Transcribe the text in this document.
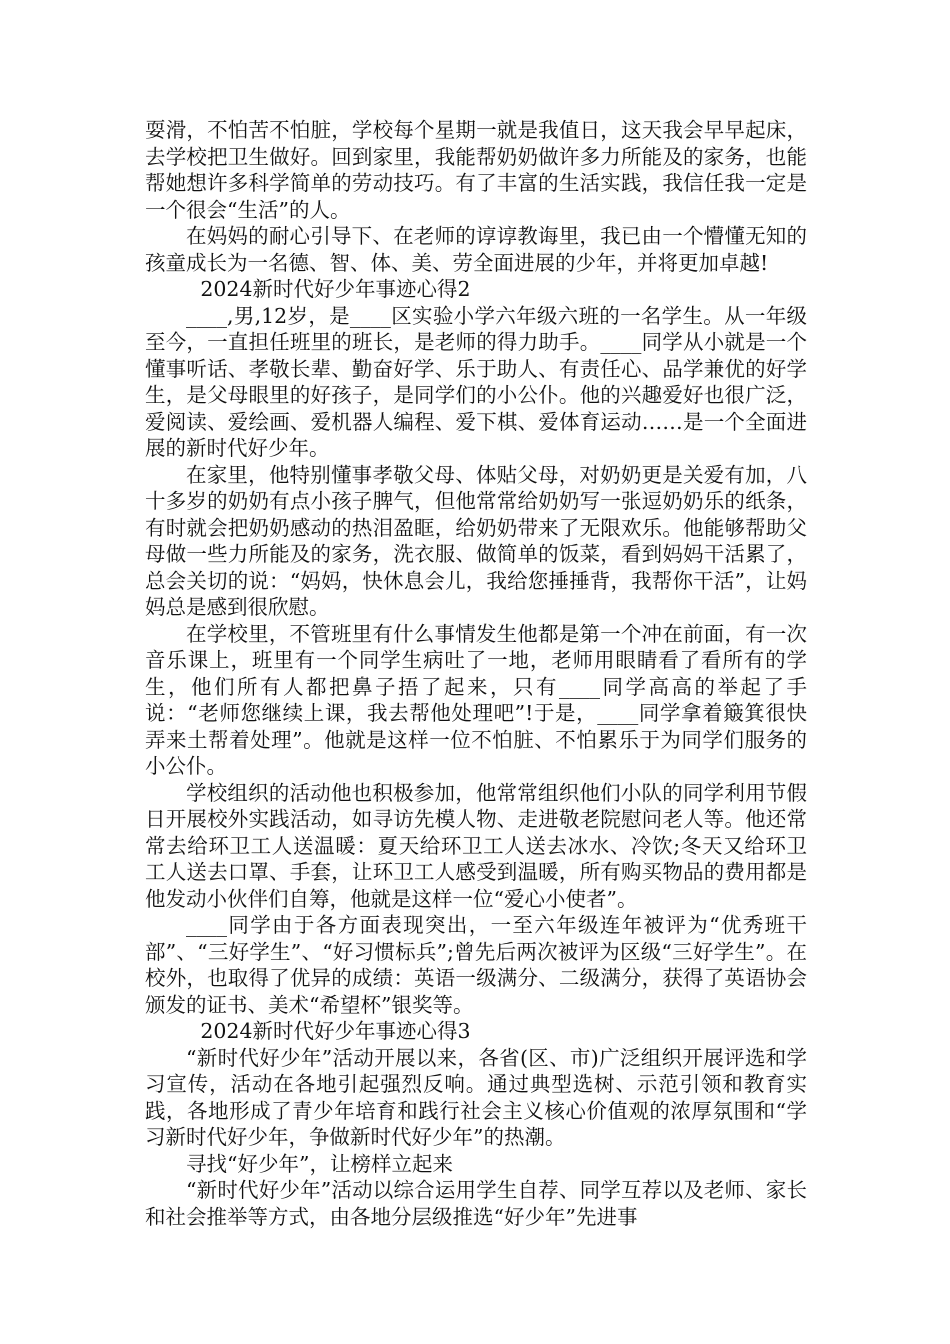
耍滑，不怕苦不怕脏，学校每个星期一就是我值日，这天我会早早起床，去学校把卫生做好。回到家里，我能帮奶奶做许多力所能及的家务，也能帮她想许多科学简单的劳动技巧。有了丰富的生活实践，我信任我一定是一个很会“生活”的人。

在妈妈的耐心引导下、在老师的谆谆教诲里，我已由一个懵懂无知的孩童成长为一名德、智、体、美、劳全面进展的少年，并将更加卓越!

2024新时代好少年事迹心得2

____,男,12岁，是____区实验小学六年级六班的一名学生。从一年级至今，一直担任班里的班长，是老师的得力助手。____同学从小就是一个懂事听话、孝敬长辈、勤奋好学、乐于助人、有责任心、品学兼优的好学生，是父母眼里的好孩子，是同学们的小公仆。他的兴趣爱好也很广泛，爱阅读、爱绘画、爱机器人编程、爱下棋、爱体育运动……是一个全面进展的新时代好少年。

在家里，他特别懂事孝敬父母、体贴父母，对奶奶更是关爱有加，八十多岁的奶奶有点小孩子脾气，但他常常给奶奶写一张逗奶奶乐的纸条，有时就会把奶奶感动的热泪盈眶，给奶奶带来了无限欢乐。他能够帮助父母做一些力所能及的家务，洗衣服、做简单的饭菜，看到妈妈干活累了，总会关切的说：“妈妈，快休息会儿，我给您捶捶背，我帮你干活”，让妈妈总是感到很欣慰。

在学校里，不管班里有什么事情发生他都是第一个冲在前面，有一次音乐课上，班里有一个同学生病吐了一地，老师用眼睛看了看所有的学生，他们所有人都把鼻子捂了起来，只有____同学高高的举起了手说：“老师您继续上课，我去帮他处理吧”!于是，____同学拿着簸箕很快弄来土帮着处理”。他就是这样一位不怕脏、不怕累乐于为同学们服务的小公仆。

学校组织的活动他也积极参加，他常常组织他们小队的同学利用节假日开展校外实践活动，如寻访先模人物、走进敬老院慰问老人等。他还常常去给环卫工人送温暖：夏天给环卫工人送去冰水、冷饮;冬天又给环卫工人送去口罩、手套，让环卫工人感受到温暖，所有购买物品的费用都是他发动小伙伴们自筹，他就是这样一位“爱心小使者”。

____同学由于各方面表现突出，一至六年级连年被评为“优秀班干部”、“三好学生”、“好习惯标兵”;曾先后两次被评为区级“三好学生”。在校外，也取得了优异的成绩：英语一级满分、二级满分，获得了英语协会颁发的证书、美术“希望杯”银奖等。

2024新时代好少年事迹心得3

“新时代好少年”活动开展以来，各省(区、市)广泛组织开展评选和学习宣传，活动在各地引起强烈反响。通过典型选树、示范引领和教育实践，各地形成了青少年培育和践行社会主义核心价值观的浓厚氛围和“学习新时代好少年，争做新时代好少年”的热潮。

寻找“好少年”，让榜样立起来

“新时代好少年”活动以综合运用学生自荐、同学互荐以及老师、家长和社会推举等方式，由各地分层级推选“好少年”先进事
